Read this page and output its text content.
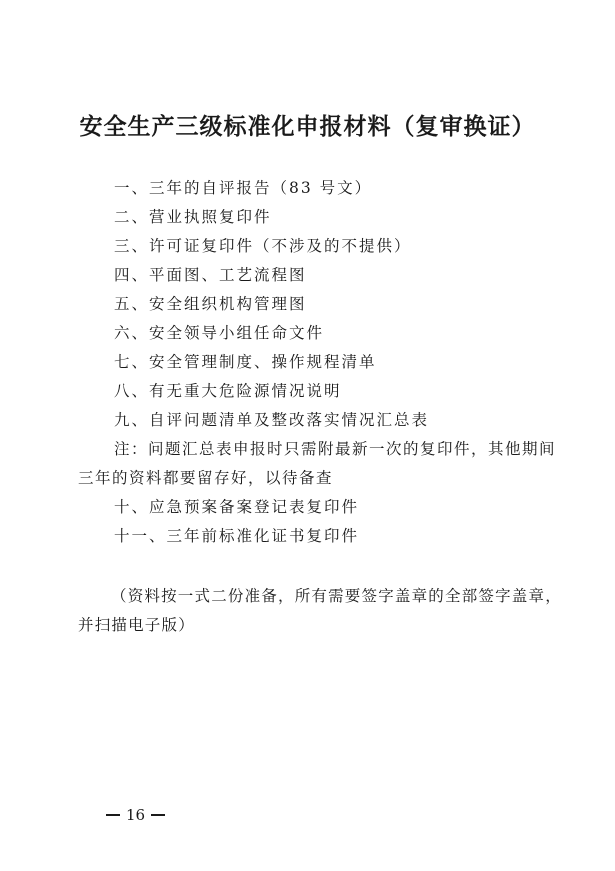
安全生产三级标准化申报材料（复审换证）

一、三年的自评报告（83 号文）

二、营业执照复印件

三、许可证复印件（不涉及的不提供）

四、平面图、工艺流程图

五、安全组织机构管理图

六、安全领导小组任命文件

七、安全管理制度、操作规程清单

八、有无重大危险源情况说明

九、自评问题清单及整改落实情况汇总表

注：问题汇总表申报时只需附最新一次的复印件，其他期间

三年的资料都要留存好，以待备查

十、应急预案备案登记表复印件

十一、三年前标准化证书复印件

（资料按一式二份准备，所有需要签字盖章的全部签字盖章，

并扫描电子版）

16
